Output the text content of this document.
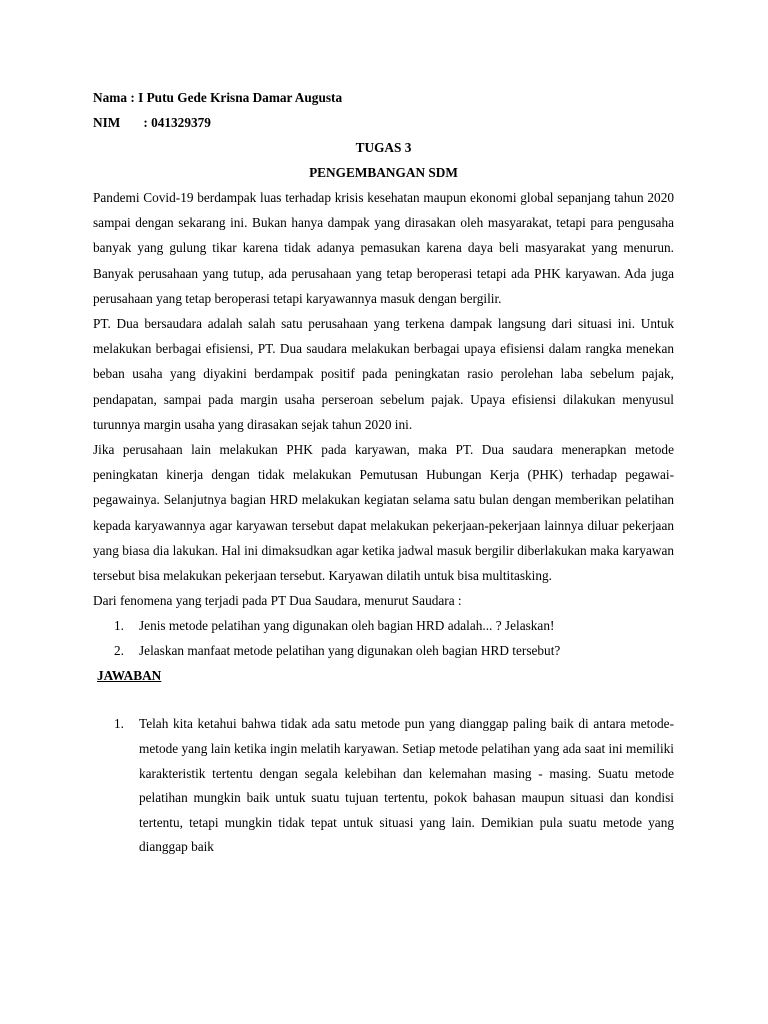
Nama : I Putu Gede Krisna Damar Augusta
NIM : 041329379
TUGAS 3
PENGEMBANGAN SDM

Pandemi Covid-19 berdampak luas terhadap krisis kesehatan maupun ekonomi global sepanjang tahun 2020 sampai dengan sekarang ini. Bukan hanya dampak yang dirasakan oleh masyarakat, tetapi para pengusaha banyak yang gulung tikar karena tidak adanya pemasukan karena daya beli masyarakat yang menurun. Banyak perusahaan yang tutup, ada perusahaan yang tetap beroperasi tetapi ada PHK karyawan. Ada juga perusahaan yang tetap beroperasi tetapi karyawannya masuk dengan bergilir.

PT. Dua bersaudara adalah salah satu perusahaan yang terkena dampak langsung dari situasi ini. Untuk melakukan berbagai efisiensi, PT. Dua saudara melakukan berbagai upaya efisiensi dalam rangka menekan beban usaha yang diyakini berdampak positif pada peningkatan rasio perolehan laba sebelum pajak, pendapatan, sampai pada margin usaha perseroan sebelum pajak. Upaya efisiensi dilakukan menyusul turunnya margin usaha yang dirasakan sejak tahun 2020 ini.

Jika perusahaan lain melakukan PHK pada karyawan, maka PT. Dua saudara menerapkan metode peningkatan kinerja dengan tidak melakukan Pemutusan Hubungan Kerja (PHK) terhadap pegawai-pegawainya. Selanjutnya bagian HRD melakukan kegiatan selama satu bulan dengan memberikan pelatihan kepada karyawannya agar karyawan tersebut dapat melakukan pekerjaan-pekerjaan lainnya diluar pekerjaan yang biasa dia lakukan. Hal ini dimaksudkan agar ketika jadwal masuk bergilir diberlakukan maka karyawan tersebut bisa melakukan pekerjaan tersebut. Karyawan dilatih untuk bisa multitasking.

Dari fenomena yang terjadi pada PT Dua Saudara, menurut Saudara :

1. Jenis metode pelatihan yang digunakan oleh bagian HRD adalah... ? Jelaskan!
2. Jelaskan manfaat metode pelatihan yang digunakan oleh bagian HRD tersebut?
JAWABAN
1. Telah kita ketahui bahwa tidak ada satu metode pun yang dianggap paling baik di antara metode-metode yang lain ketika ingin melatih karyawan. Setiap metode pelatihan yang ada saat ini memiliki karakteristik tertentu dengan segala kelebihan dan kelemahan masing - masing. Suatu metode pelatihan mungkin baik untuk suatu tujuan tertentu, pokok bahasan maupun situasi dan kondisi tertentu, tetapi mungkin tidak tepat untuk situasi yang lain. Demikian pula suatu metode yang dianggap baik
